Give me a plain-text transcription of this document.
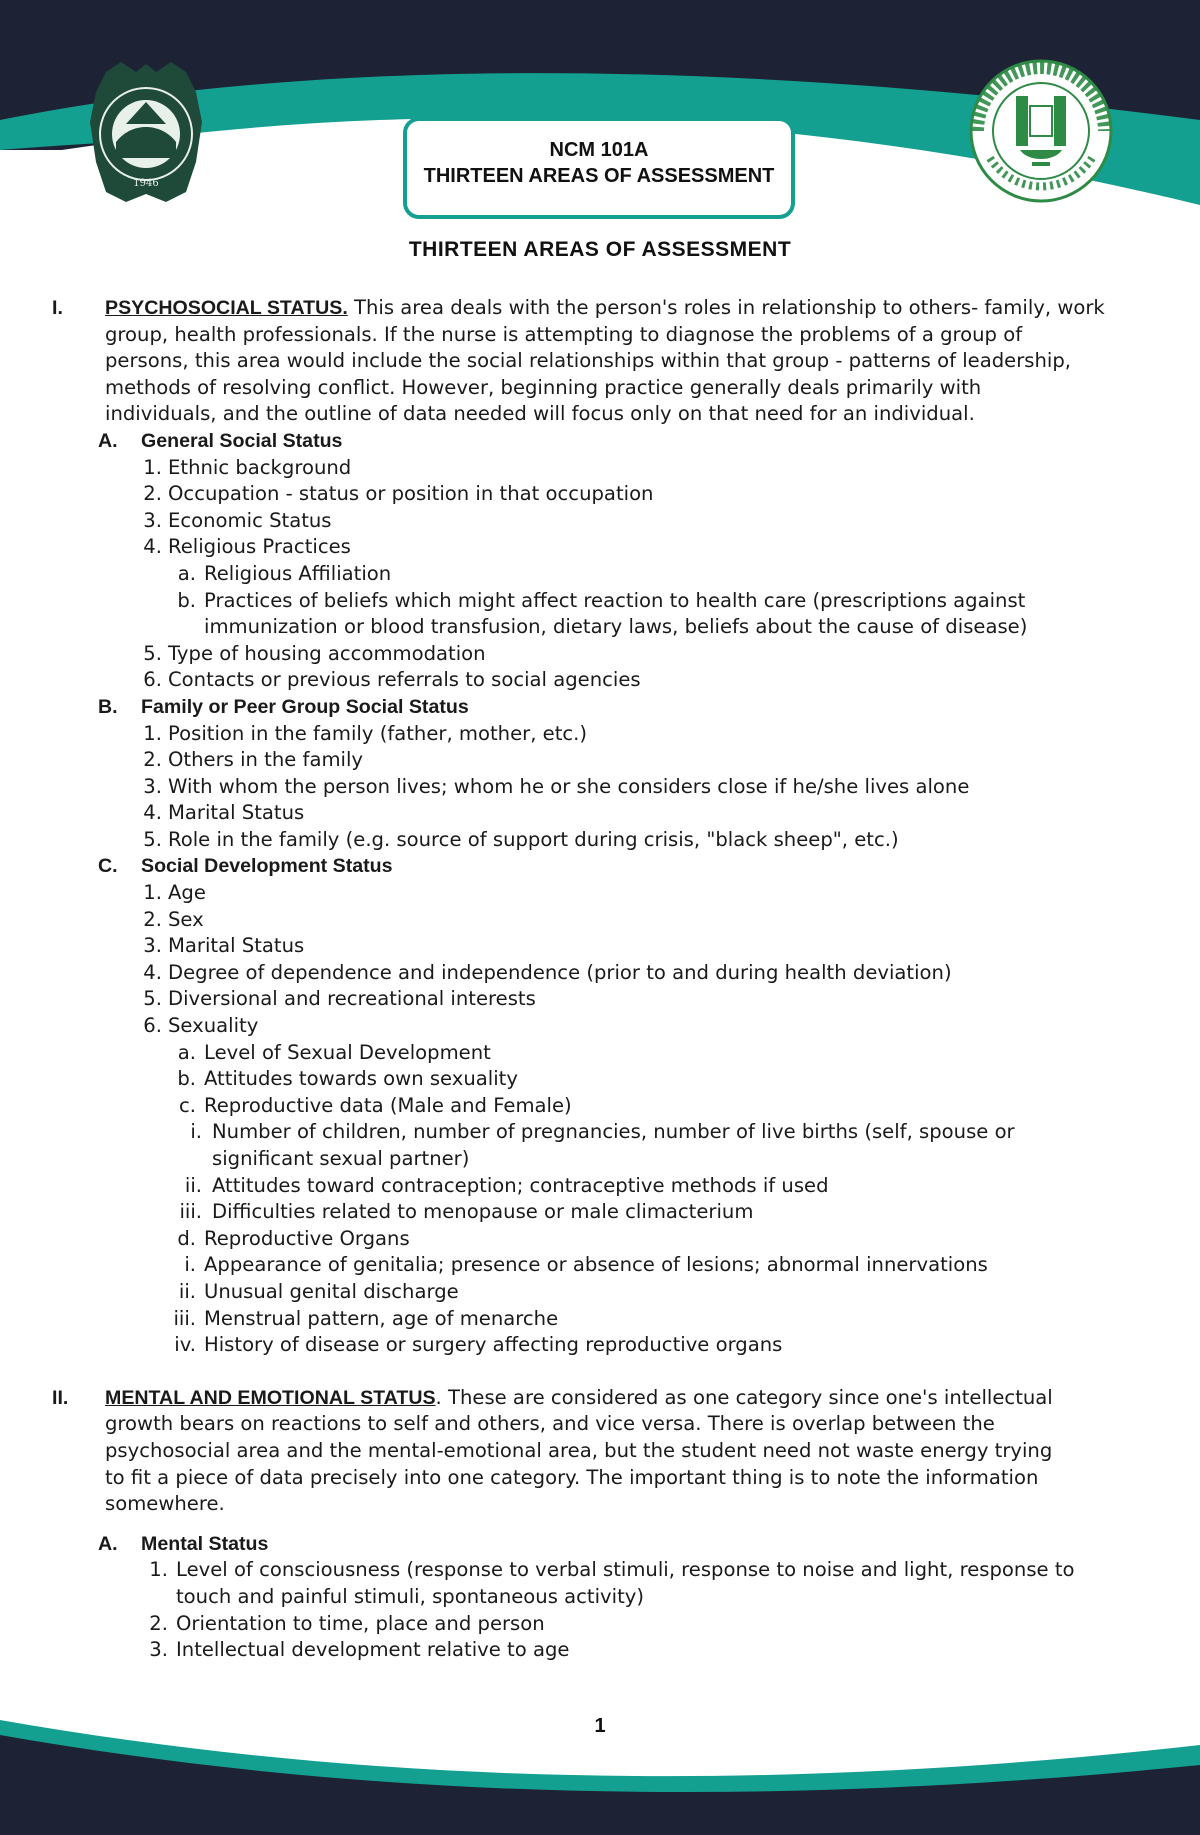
1946
NCM 101A
THIRTEEN AREAS OF ASSESSMENT
THIRTEEN AREAS OF ASSESSMENT
I. PSYCHOSOCIAL STATUS. This area deals with the person's roles in relationship to others- family, work
group, health professionals. If the nurse is attempting to diagnose the problems of a group of
persons, this area would include the social relationships within that group - patterns of leadership,
methods of resolving conflict. However, beginning practice generally deals primarily with
individuals, and the outline of data needed will focus only on that need for an individual.
A. General Social Status
1. Ethnic background
2. Occupation - status or position in that occupation
3. Economic Status
4. Religious Practices
a. Religious Affiliation
b. Practices of beliefs which might affect reaction to health care (prescriptions against
immunization or blood transfusion, dietary laws, beliefs about the cause of disease)
5. Type of housing accommodation
6. Contacts or previous referrals to social agencies
B. Family or Peer Group Social Status
1. Position in the family (father, mother, etc.)
2. Others in the family
3. With whom the person lives; whom he or she considers close if he/she lives alone
4. Marital Status
5. Role in the family (e.g. source of support during crisis, "black sheep", etc.)
C. Social Development Status
1. Age
2. Sex
3. Marital Status
4. Degree of dependence and independence (prior to and during health deviation)
5. Diversional and recreational interests
6. Sexuality
a. Level of Sexual Development
b. Attitudes towards own sexuality
c. Reproductive data (Male and Female)
i. Number of children, number of pregnancies, number of live births (self, spouse or
significant sexual partner)
ii. Attitudes toward contraception; contraceptive methods if used
iii. Difficulties related to menopause or male climacterium
d. Reproductive Organs
i. Appearance of genitalia; presence or absence of lesions; abnormal innervations
ii. Unusual genital discharge
iii. Menstrual pattern, age of menarche
iv. History of disease or surgery affecting reproductive organs
II. MENTAL AND EMOTIONAL STATUS. These are considered as one category since one's intellectual
growth bears on reactions to self and others, and vice versa. There is overlap between the
psychosocial area and the mental-emotional area, but the student need not waste energy trying
to fit a piece of data precisely into one category. The important thing is to note the information
somewhere.
A. Mental Status
1. Level of consciousness (response to verbal stimuli, response to noise and light, response to
touch and painful stimuli, spontaneous activity)
2. Orientation to time, place and person
3. Intellectual development relative to age
1
